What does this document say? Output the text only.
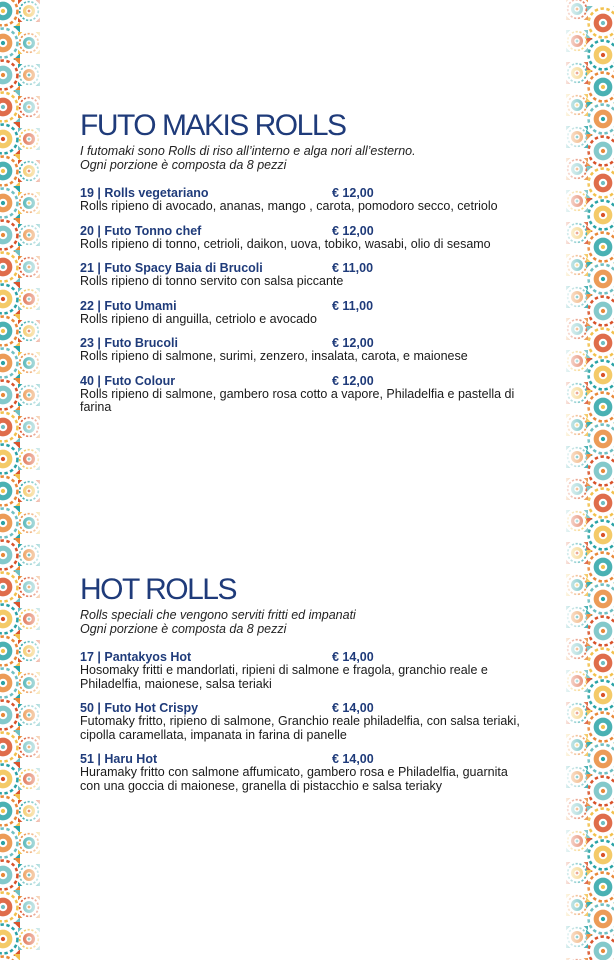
FUTO MAKIS ROLLS

I futomaki sono Rolls di riso all’interno e alga nori all’esterno.
Ogni porzione è composta da 8 pezzi

19 | Rolls vegetariano	€ 12,00
Rolls ripieno di avocado, ananas, mango , carota, pomodoro secco, cetriolo
20 | Futo Tonno chef	€ 12,00
Rolls ripieno di tonno, cetrioli, daikon, uova, tobiko, wasabi, olio di sesamo
21 | Futo Spacy Baia di Brucoli	€ 11,00
Rolls ripieno di tonno servito con salsa piccante
22 | Futo Umami	€ 11,00
Rolls ripieno di anguilla, cetriolo e avocado
23 | Futo Brucoli	€ 12,00
Rolls ripieno di salmone, surimi, zenzero, insalata, carota, e maionese
40 | Futo Colour	€ 12,00
Rolls ripieno di salmone, gambero rosa cotto a vapore, Philadelfia e pastella di farina
HOT ROLLS

Rolls speciali che vengono serviti fritti ed impanati
Ogni porzione è composta da 8 pezzi

17 | Pantakyos Hot	€ 14,00
Hosomaky fritti e mandorlati, ripieni di salmone e fragola, granchio reale e Philadelfia, maionese, salsa teriaki
50 | Futo Hot Crispy	€ 14,00
Futomaky fritto, ripieno di salmone, Granchio reale philadelfia, con salsa teriaki, cipolla caramellata, impanata in farina di panelle
51 | Haru Hot	€ 14,00
Huramaky fritto con salmone affumicato, gambero rosa e Philadelfia, guarnita con una goccia di maionese, granella di pistacchio e salsa teriaky
